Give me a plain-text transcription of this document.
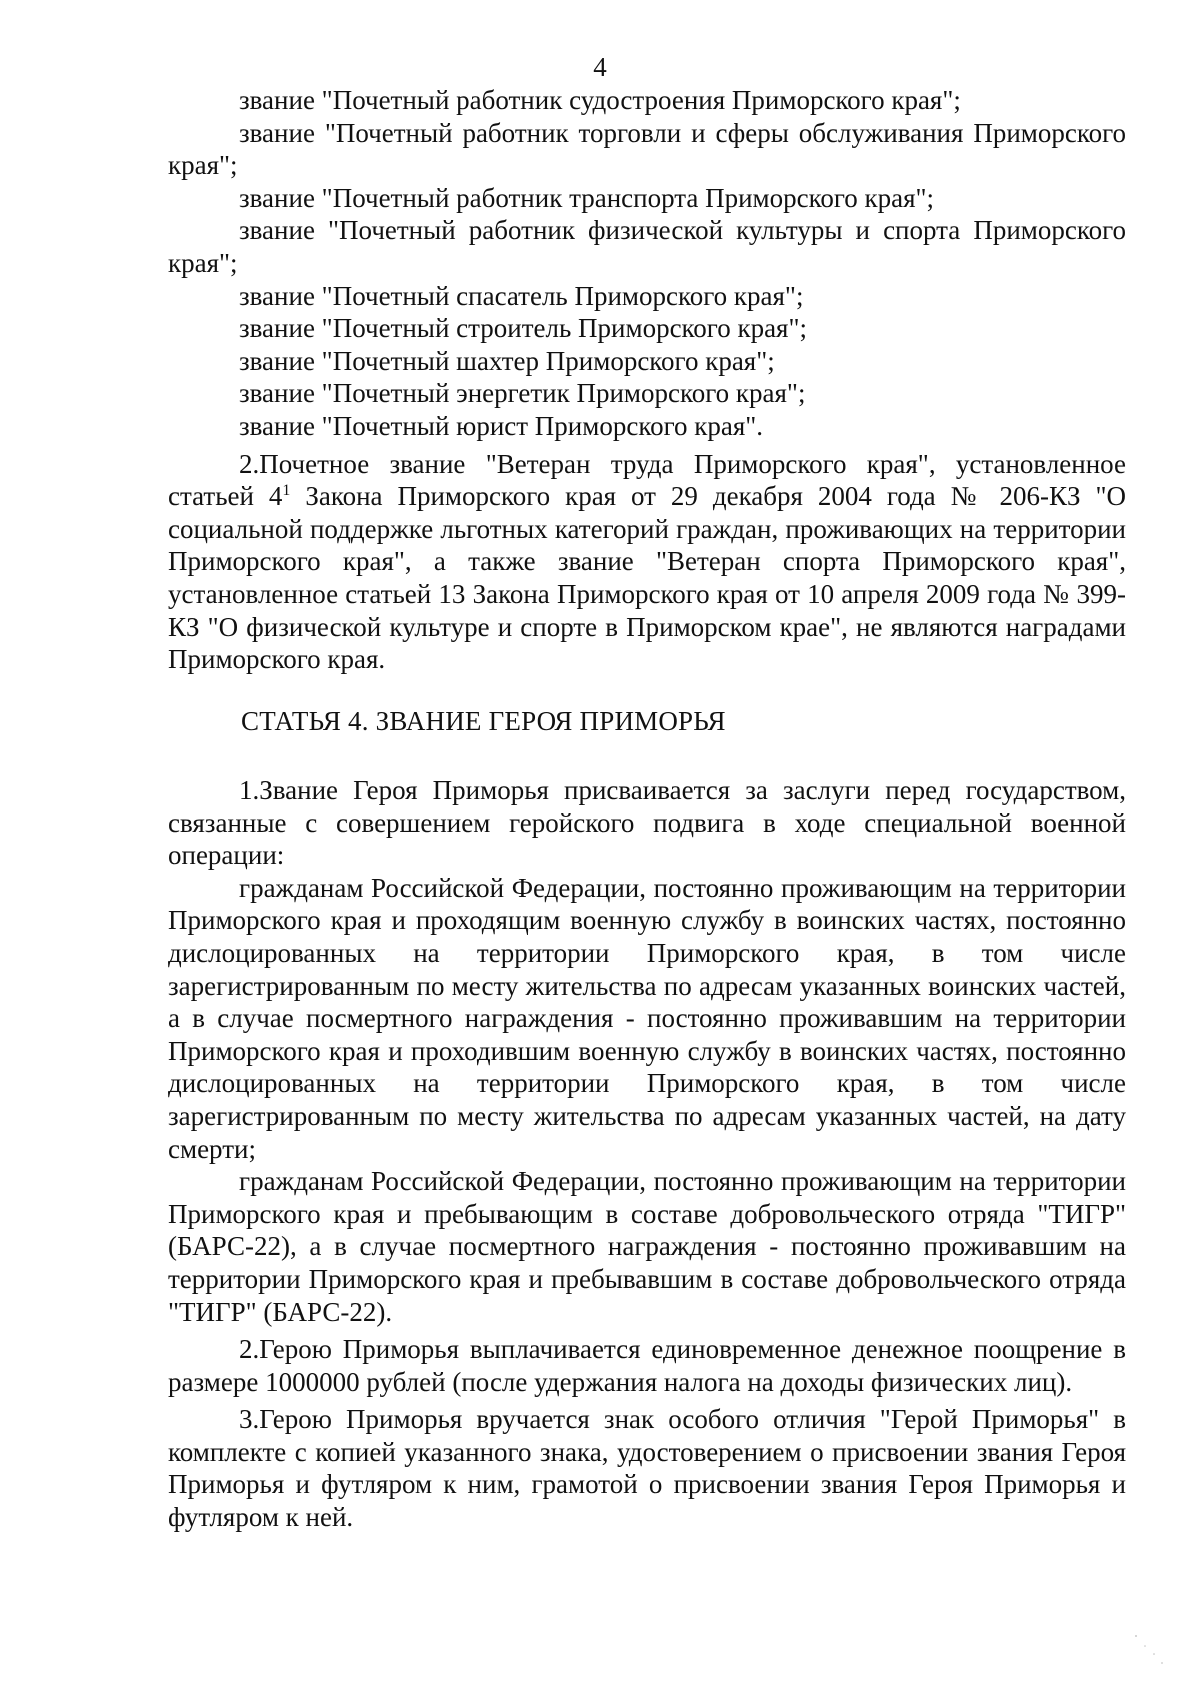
4

звание "Почетный работник судостроения Приморского края";

звание "Почетный работник торговли и сферы обслуживания Приморского края";

звание "Почетный работник транспорта Приморского края";

звание "Почетный работник физической культуры и спорта Приморского края";

звание "Почетный спасатель Приморского края";

звание "Почетный строитель Приморского края";

звание "Почетный шахтер Приморского края";

звание "Почетный энергетик Приморского края";

звание "Почетный юрист Приморского края".

2.Почетное звание "Ветеран труда Приморского края", установленное статьей $4^1$ Закона Приморского края от 29 декабря 2004 года № 206-КЗ "О социальной поддержке льготных категорий граждан, проживающих на территории Приморского края", а также звание "Ветеран спорта Приморского края", установленное статьей 13 Закона Приморского края от 10 апреля 2009 года № 399-КЗ "О физической культуре и спорте в Приморском крае", не являются наградами Приморского края.

СТАТЬЯ 4. ЗВАНИЕ ГЕРОЯ ПРИМОРЬЯ

1.Звание Героя Приморья присваивается за заслуги перед государством, связанные с совершением геройского подвига в ходе специальной военной операции:

гражданам Российской Федерации, постоянно проживающим на территории Приморского края и проходящим военную службу в воинских частях, постоянно дислоцированных на территории Приморского края, в том числе зарегистрированным по месту жительства по адресам указанных воинских частей, а в случае посмертного награждения - постоянно проживавшим на территории Приморского края и проходившим военную службу в воинских частях, постоянно дислоцированных на территории Приморского края, в том числе зарегистрированным по месту жительства по адресам указанных частей, на дату смерти;

гражданам Российской Федерации, постоянно проживающим на территории Приморского края и пребывающим в составе добровольческого отряда "ТИГР" (БАРС-22), а в случае посмертного награждения - постоянно проживавшим на территории Приморского края и пребывавшим в составе добровольческого отряда "ТИГР" (БАРС-22).

2.Герою Приморья выплачивается единовременное денежное поощрение в размере 1000000 рублей (после удержания налога на доходы физических лиц).

3.Герою Приморья вручается знак особого отличия "Герой Приморья" в комплекте с копией указанного знака, удостоверением о присвоении звания Героя Приморья и футляром к ним, грамотой о присвоении звания Героя Приморья и футляром к ней.
